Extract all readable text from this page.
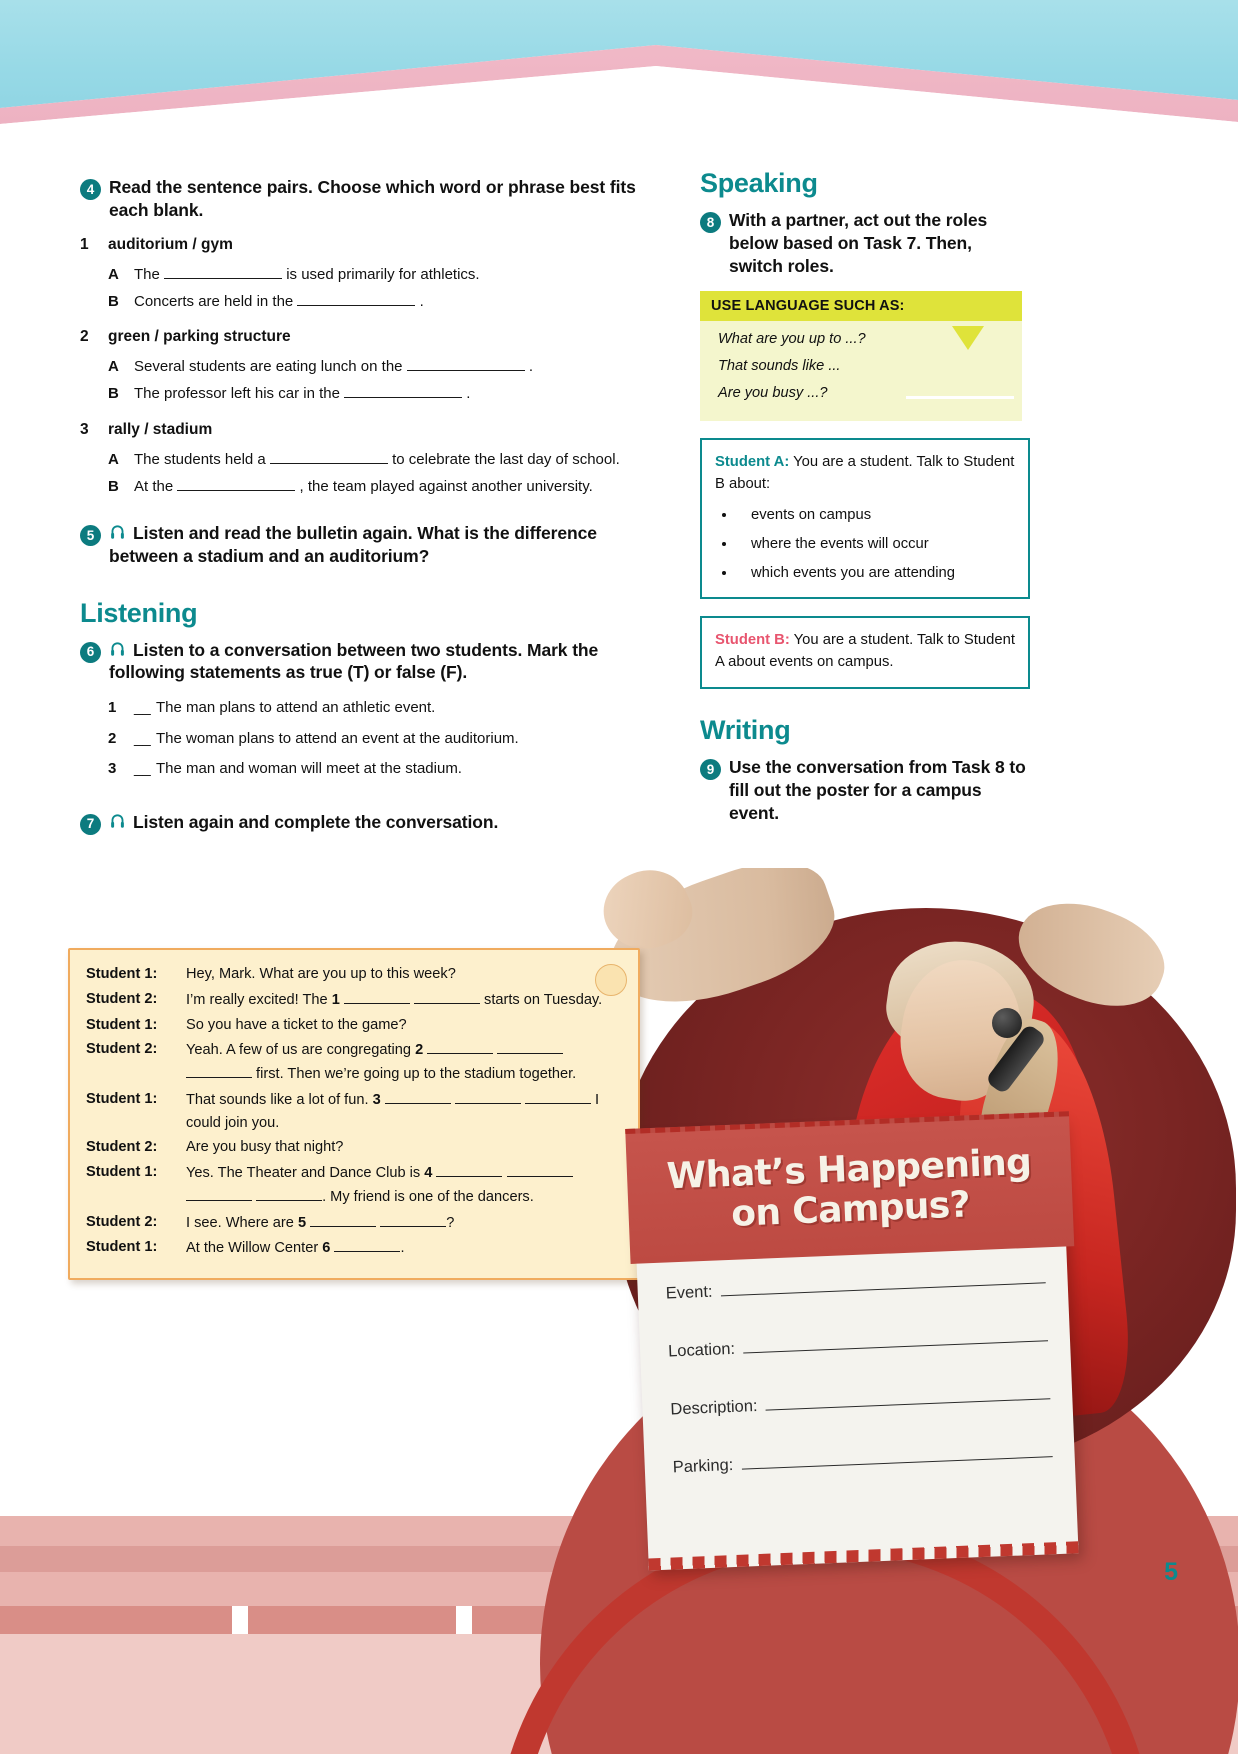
What’s Happening
on Campus?
Event:
Location:
Description:
Parking:
4 Read the sentence pairs. Choose which word or phrase best fits each blank.
1	auditorium / gym
A	The	is used primarily for athletics.
B	Concerts are held in the	.
2	green / parking structure
A	Several students are eating lunch on the	.
B	The professor left his car in the	.
3	rally / stadium
A	The students held a	to celebrate the last day of school.
B	At the	, the team played against another university.
5	Listen and read the bulletin again. What is the difference between a stadium and an auditorium?
Listening
6	Listen to a conversation between two students. Mark the following statements as true (T) or false (F).
1	__ The man plans to attend an athletic event.
2	__ The woman plans to attend an event at the auditorium.
3	__ The man and woman will meet at the stadium.
7	Listen again and complete the conversation.
Speaking
8 With a partner, act out the roles below based on Task 7. Then, switch roles.
USE LANGUAGE SUCH AS:

What are you up to ...?

That sounds like ...

Are you busy ...?

Student A: You are a student. Talk to Student B about:

• events on campus
• where the events will occur
• which events you are attending

Student B: You are a student. Talk to Student A about events on campus.

Writing
9 Use the conversation from Task 8 to fill out the poster for a campus event.
Student 1:	Hey, Mark. What are you up to this week?
Student 2:	I’m really excited! The 1	starts on Tuesday.
Student 1:	So you have a ticket to the game?
Student 2:	Yeah. A few of us are congregating 2    first. Then we’re going up to the stadium together.
Student 1:	That sounds like a lot of fun. 3	I could join you.
Student 2:	Are you busy that night?
Student 1:	Yes. The Theater and Dance Club is 4    . My friend is one of the dancers.
Student 2:	I see. Where are 5	?
Student 1:	At the Willow Center 6	.
5
